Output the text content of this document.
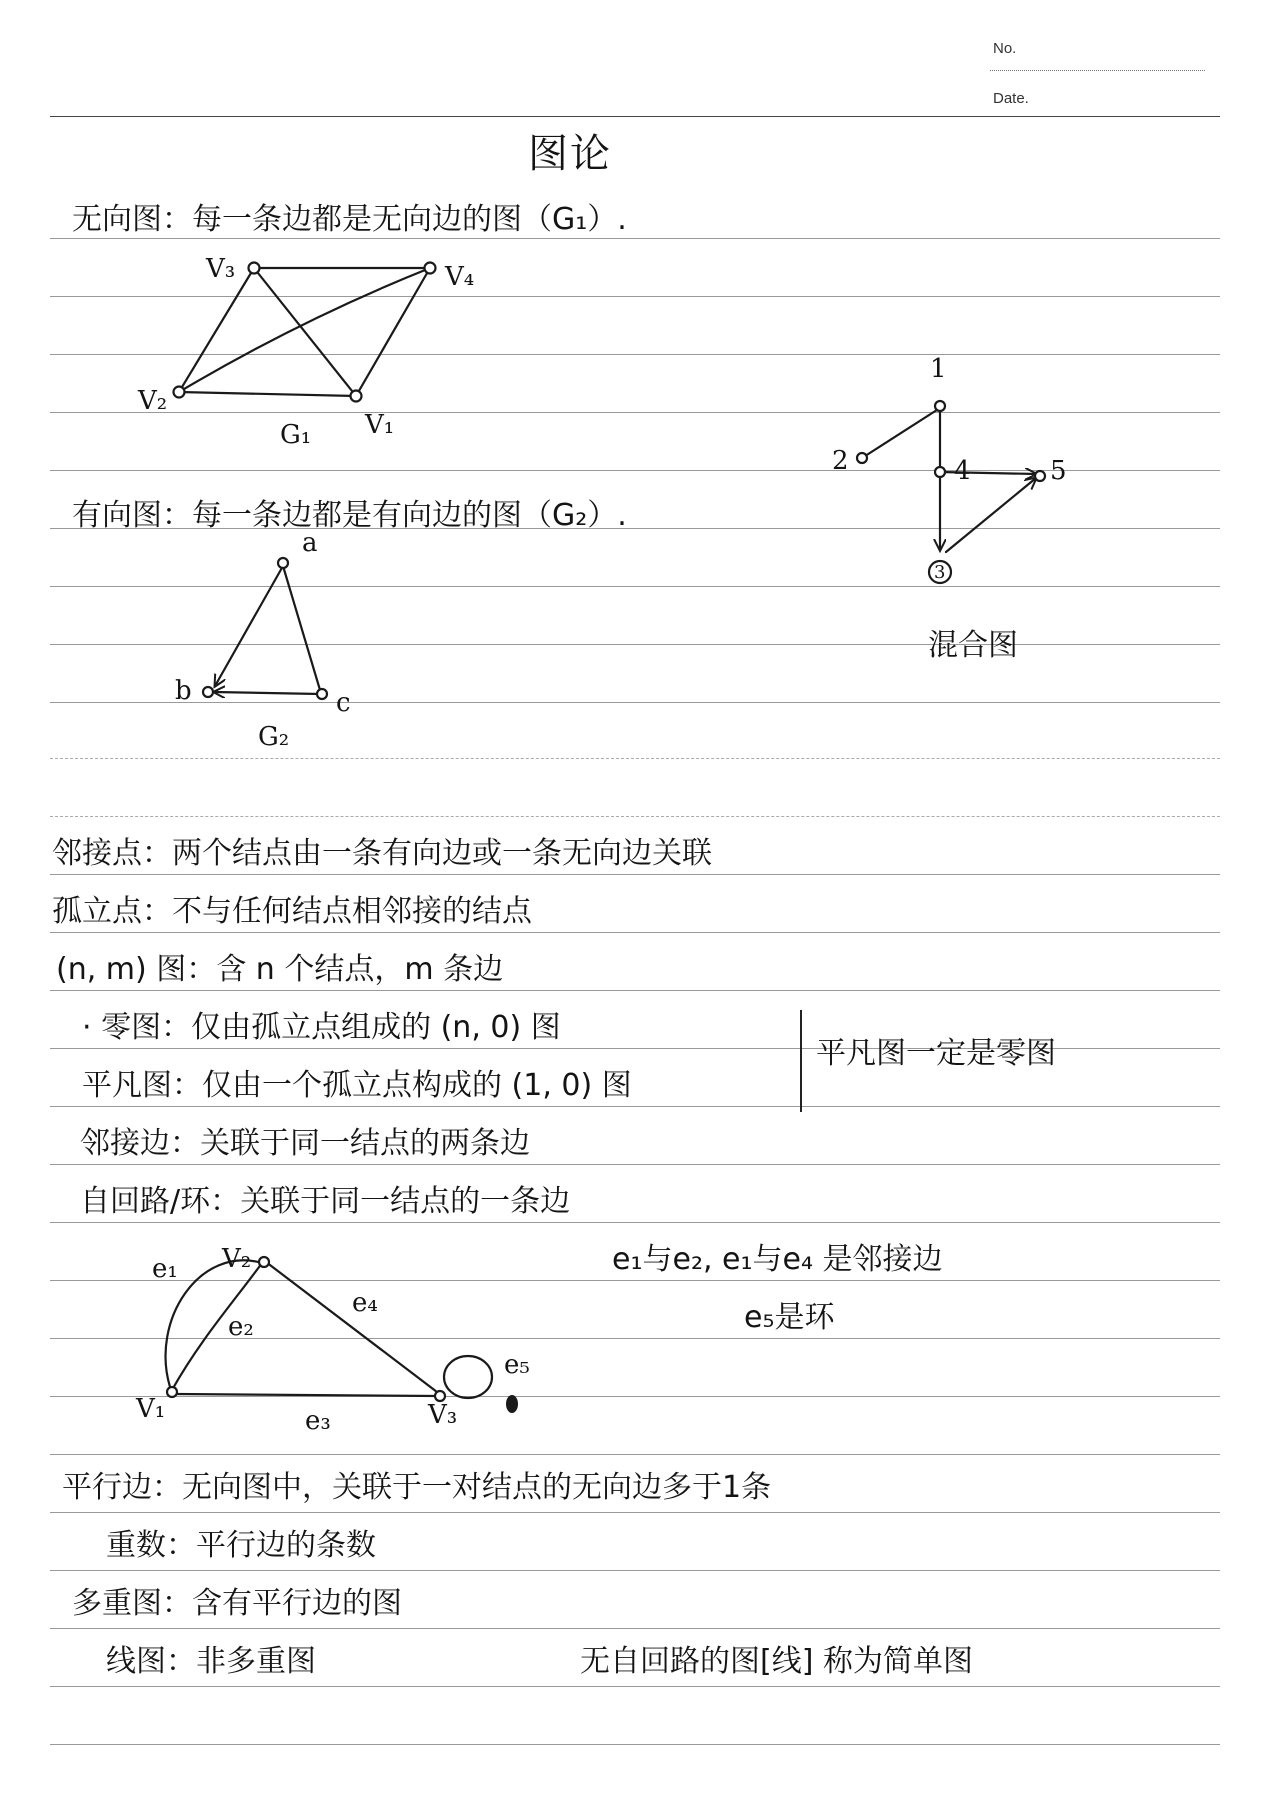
No.
Date.
图论
无向图：每一条边都是无向边的图（G₁）.
有向图：每一条边都是有向边的图（G₂）.
V₃	V₄
V₂
V₁
G₁
a
b	c
G₂
1
2
3
4	5
混合图
邻接点：两个结点由一条有向边或一条无向边关联
孤立点：不与任何结点相邻接的结点
(n, m) 图：含 n 个结点，m 条边
· 零图：仅由孤立点组成的 (n, 0) 图
平凡图：仅由一个孤立点构成的 (1, 0) 图
邻接边：关联于同一结点的两条边
自回路/环：关联于同一结点的一条边
平凡图一定是零图
e₁
e₂
e₃
e₄
e₅
V₂
V₁	V₃
e₁与e₂, e₁与e₄ 是邻接边
e₅是环
平行边：无向图中，关联于一对结点的无向边多于1条
重数：平行边的条数
多重图：含有平行边的图
线图：非多重图	无自回路的图[线] 称为简单图
